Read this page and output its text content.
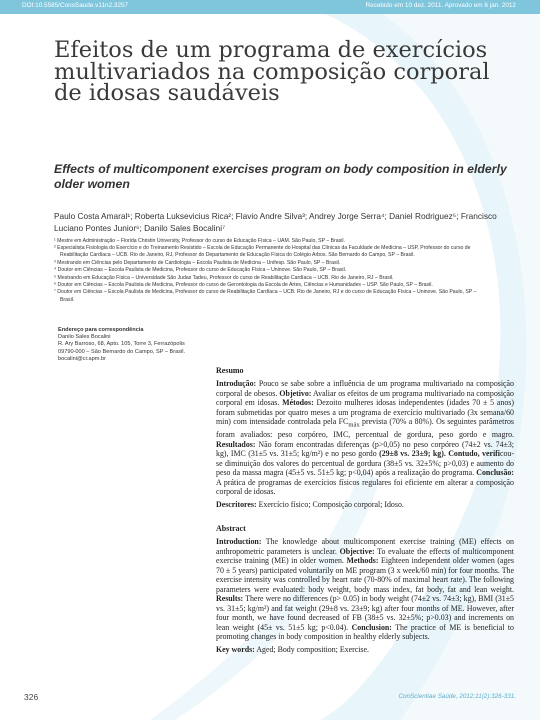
DOI:10.5585/ConsSaude.v11n2.3257	Recebido em 10 dez. 2011. Aprovado em 6 jan. 2012
Efeitos de um programa de exercícios multivariados na composição corporal de idosas saudáveis
Effects of multicomponent exercises program on body composition in elderly older women

Paulo Costa Amaral¹; Roberta Luksevicius Rica²; Flavio Andre Silva³; Andrey Jorge Serra⁴; Daniel Rodriguez⁵; Francisco Luciano Pontes Junior⁶; Danilo Sales Bocalini⁷

¹ Mestre em Administração – Florida Christin University, Professor do curso de Educação Física – UAM. São Paulo, SP – Brasil.
² Especialista Fisiologia do Exercício e do Treinamento Resistido – Escola de Educação Permanente do Hospital das Clínicas da Faculdade de Medicina – USP, Professor do curso de Reabilitação Cardíaca – UCB. Rio de Janeiro, RJ, Professor do Departamento de Educação Física do Colégio Arbos. São Bernardo do Campo, SP – Brasil.
³ Mestrando em Ciências pelo Departamento de Cardiologia – Escola Paulista de Medicina – Unifesp. São Paulo, SP – Brasil.
⁴ Doutor em Ciências – Escola Paulista de Medicina, Professor do curso de Educação Física – Uninove. São Paulo, SP – Brasil.
⁵ Mestrando em Educação Física – Universidade São Judas Tadeu, Professor do curso de Reabilitação Cardíaca – UCB. Rio de Janeiro, RJ – Brasil.
⁶ Doutor em Ciências – Escola Paulista de Medicina, Professor do curso de Gerontologia da Escola de Artes, Ciências e Humanidades – USP. São Paulo, SP – Brasil.
⁷ Doutor em Ciências – Escola Paulista de Medicina, Professor do curso de Reabilitação Cardíaca – UCB. Rio de Janeiro, RJ e do curso de Educação Física – Uninove. São Paulo, SP – Brasil.
Endereço para correspondência
Danilo Sales Bocalini
R. Ary Barroso, 68, Apto. 105, Torre 3, Ferrazópolis
09790-000 – São Bernardo do Campo, SP – Brasil.
bocalini@cr.apm.br
Resumo
Introdução: Pouco se sabe sobre a influência de um programa multivariado na composição corporal de obesos. Objetivo: Avaliar os efeitos de um programa multivariado na composição corporal em idosas. Métodos: Dezoito mulheres idosas independentes (idades 70 ± 5 anos) foram submetidas por quatro meses a um programa de exercício multivariado (3x semana/60 min) com intensidade controlada pela $FC_{máx}$ prevista (70% a 80%). Os seguintes parâmetros foram avaliados: peso corpóreo, IMC, percentual de gordura, peso gordo e magro. Resultados: Não foram encontradas diferenças (p>0,05) no peso corpóreo (74±2 vs. 74±3; kg), IMC (31±5 vs. 31±5; kg/m²) e no peso gordo (29±8 vs. 23±9; kg). Contudo, verificou-se diminuição dos valores do percentual de gordura (38±5 vs. 32±5%; p>0,03) e aumento do peso da massa magra (45±5 vs. 51±5 kg; p<0,04) após a realização do programa. Conclusão: A prática de programas de exercícios físicos regulares foi eficiente em alterar a composição corporal de idosas.
Descritores: Exercício físico; Composição corporal; Idoso.
Abstract
Introduction: The knowledge about multicomponent exercise training (ME) effects on anthropometric parameters is unclear. Objective: To evaluate the effects of multicomponent exercise training (ME) in older women. Methods: Eighteen independent older women (ages 70 ± 5 years) participated voluntarily on ME program (3 x week/60 min) for four months. The exercise intensity was controlled by heart rate (70-80% of maximal heart rate). The following parameters were evaluated: body weight, body mass index, fat body, fat and lean weight. Results: There were no differences (p> 0.05) in body weight (74±2 vs. 74±3; kg), BMI (31±5 vs. 31±5; kg/m²) and fat weight (29±8 vs. 23±9; kg) after four months of ME. However, after four month, we have found decreased of FB (38±5 vs. 32±5%; p>0.03) and increments on lean weight (45± vs. 51±5 kg; p<0.04). Conclusion: The practice of ME is beneficial to promoting changes in body composition in healthy elderly subjects.
Key words: Aged; Body composition; Exercise.
326	ConScientiae Saúde, 2012;11(2):326-331.
